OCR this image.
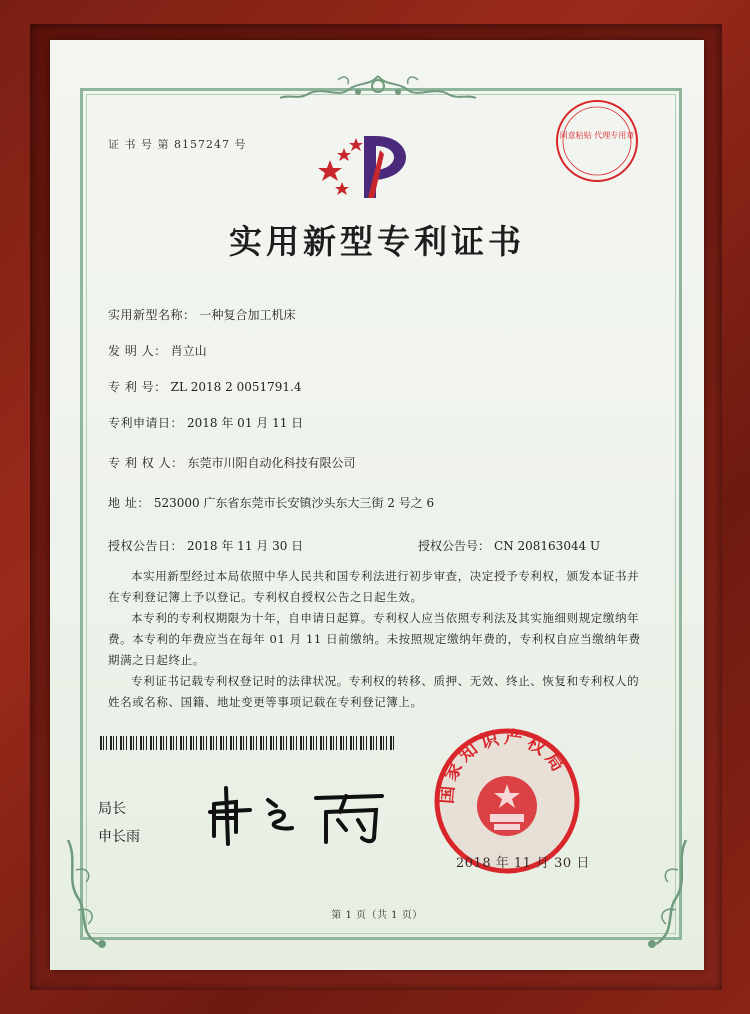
证 书 号 第 8157247 号
同意粘贴 代理专用章
实用新型专利证书
实用新型名称： 一种复合加工机床
发 明 人： 肖立山
专 利 号： ZL 2018 2 0051791.4
专利申请日： 2018 年 01 月 11 日
专 利 权 人： 东莞市川阳自动化科技有限公司
地 址： 523000 广东省东莞市长安镇沙头东大三街 2 号之 6
授权公告日： 2018 年 11 月 30 日	授权公告号： CN 208163044 U

本实用新型经过本局依照中华人民共和国专利法进行初步审查，决定授予专利权，颁发本证书并在专利登记簿上予以登记。专利权自授权公告之日起生效。

本专利的专利权期限为十年，自申请日起算。专利权人应当依照专利法及其实施细则规定缴纳年费。本专利的年费应当在每年 01 月 11 日前缴纳。未按照规定缴纳年费的，专利权自应当缴纳年费期满之日起终止。

专利证书记载专利权登记时的法律状况。专利权的转移、质押、无效、终止、恢复和专利权人的姓名或名称、国籍、地址变更等事项记载在专利登记簿上。

局长
申长雨
国家知识产权局
2018 年 11 月 30 日
第 1 页（共 1 页）
